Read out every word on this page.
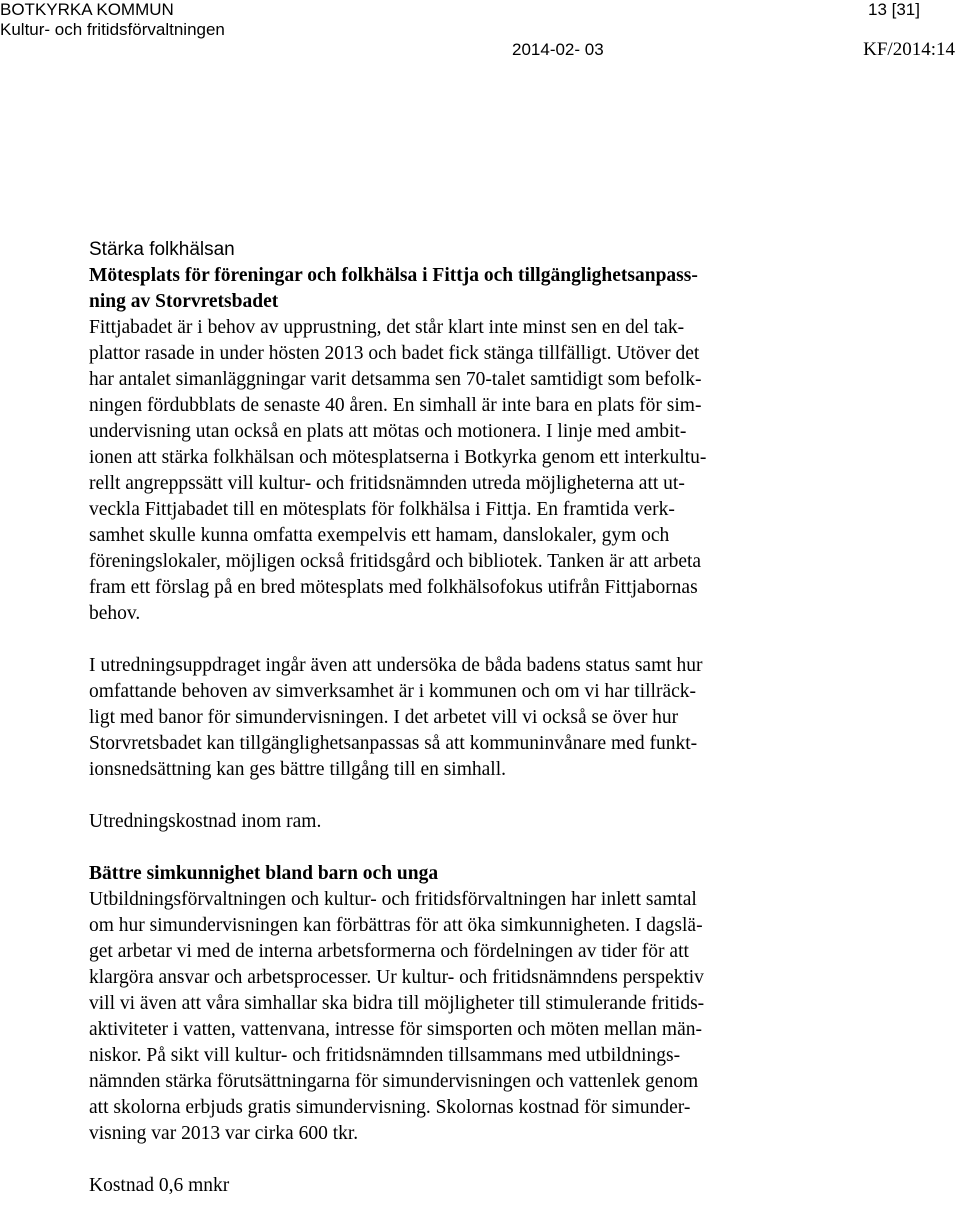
BOTKYRKA KOMMUN
Kultur- och fritidsförvaltningen
13 [31]
2014-02- 03	KF/2014:14
Stärka folkhälsan
Mötesplats för föreningar och folkhälsa i Fittja och tillgänglighetsanpass-
ning av Storvretsbadet
Fittjabadet är i behov av upprustning, det står klart inte minst sen en del tak-
plattor rasade in under hösten 2013 och badet fick stänga tillfälligt. Utöver det
har antalet simanläggningar varit detsamma sen 70-talet samtidigt som befolk-
ningen fördubblats de senaste 40 åren. En simhall är inte bara en plats för sim-
undervisning utan också en plats att mötas och motionera. I linje med ambit-
ionen att stärka folkhälsan och mötesplatserna i Botkyrka genom ett interkultu-
rellt angreppssätt vill kultur- och fritidsnämnden utreda möjligheterna att ut-
veckla Fittjabadet till en mötesplats för folkhälsa i Fittja. En framtida verk-
samhet skulle kunna omfatta exempelvis ett hamam, danslokaler, gym och
föreningslokaler, möjligen också fritidsgård och bibliotek. Tanken är att arbeta
fram ett förslag på en bred mötesplats med folkhälsofokus utifrån Fittjabornas
behov.
I utredningsuppdraget ingår även att undersöka de båda badens status samt hur
omfattande behoven av simverksamhet är i kommunen och om vi har tillräck-
ligt med banor för simundervisningen. I det arbetet vill vi också se över hur
Storvretsbadet kan tillgänglighetsanpassas så att kommuninvånare med funkt-
ionsnedsättning kan ges bättre tillgång till en simhall.
Utredningskostnad inom ram.
Bättre simkunnighet bland barn och unga
Utbildningsförvaltningen och kultur- och fritidsförvaltningen har inlett samtal
om hur simundervisningen kan förbättras för att öka simkunnigheten. I dagslä-
get arbetar vi med de interna arbetsformerna och fördelningen av tider för att
klargöra ansvar och arbetsprocesser. Ur kultur- och fritidsnämndens perspektiv
vill vi även att våra simhallar ska bidra till möjligheter till stimulerande fritids-
aktiviteter i vatten, vattenvana, intresse för simsporten och möten mellan män-
niskor. På sikt vill kultur- och fritidsnämnden tillsammans med utbildnings-
nämnden stärka förutsättningarna för simundervisningen och vattenlek genom
att skolorna erbjuds gratis simundervisning. Skolornas kostnad för simunder-
visning var 2013 var cirka 600 tkr.
Kostnad 0,6 mnkr
